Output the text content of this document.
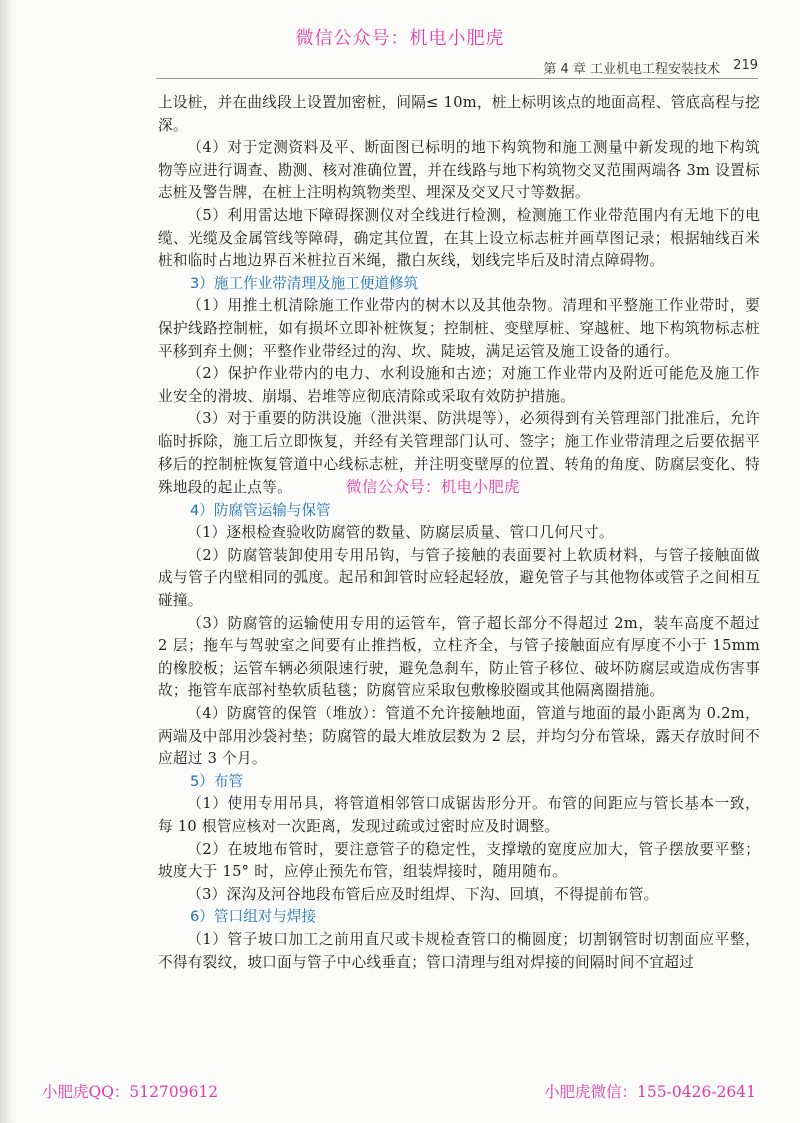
微信公众号：机电小肥虎
第 4 章 工业机电工程安装技术 219

上设桩，并在曲线段上设置加密桩，间隔≤ 10m，桩上标明该点的地面高程、管底高程与挖深。

（4）对于定测资料及平、断面图已标明的地下构筑物和施工测量中新发现的地下构筑物等应进行调查、勘测、核对准确位置，并在线路与地下构筑物交叉范围两端各 3m 设置标志桩及警告牌，在桩上注明构筑物类型、埋深及交叉尺寸等数据。

（5）利用雷达地下障碍探测仪对全线进行检测，检测施工作业带范围内有无地下的电缆、光缆及金属管线等障碍，确定其位置，在其上设立标志桩并画草图记录；根据轴线百米桩和临时占地边界百米桩拉百米绳，撒白灰线，划线完毕后及时清点障碍物。

3）施工作业带清理及施工便道修筑

（1）用推土机清除施工作业带内的树木以及其他杂物。清理和平整施工作业带时，要保护线路控制桩，如有损坏立即补桩恢复；控制桩、变壁厚桩、穿越桩、地下构筑物标志桩平移到弃土侧；平整作业带经过的沟、坎、陡坡，满足运管及施工设备的通行。

（2）保护作业带内的电力、水利设施和古迹；对施工作业带内及附近可能危及施工作业安全的滑坡、崩塌、岩堆等应彻底清除或采取有效防护措施。

（3）对于重要的防洪设施（泄洪渠、防洪堤等），必须得到有关管理部门批准后，允许临时拆除，施工后立即恢复，并经有关管理部门认可、签字；施工作业带清理之后要依据平移后的控制桩恢复管道中心线标志桩，并注明变壁厚的位置、转角的角度、防腐层变化、特殊地段的起止点等。	微信公众号：机电小肥虎

4）防腐管运输与保管

（1）逐根检查验收防腐管的数量、防腐层质量、管口几何尺寸。

（2）防腐管装卸使用专用吊钩，与管子接触的表面要衬上软质材料，与管子接触面做成与管子内壁相同的弧度。起吊和卸管时应轻起轻放，避免管子与其他物体或管子之间相互碰撞。

（3）防腐管的运输使用专用的运管车，管子超长部分不得超过 2m，装车高度不超过 2 层；拖车与驾驶室之间要有止推挡板，立柱齐全，与管子接触面应有厚度不小于 15mm 的橡胶板；运管车辆必须限速行驶，避免急刹车，防止管子移位、破坏防腐层或造成伤害事故；拖管车底部衬垫软质毡毯；防腐管应采取包敷橡胶圈或其他隔离圈措施。

（4）防腐管的保管（堆放）：管道不允许接触地面，管道与地面的最小距离为 0.2m，两端及中部用沙袋衬垫；防腐管的最大堆放层数为 2 层，并均匀分布管垛，露天存放时间不应超过 3 个月。

5）布管

（1）使用专用吊具，将管道相邻管口成锯齿形分开。布管的间距应与管长基本一致，每 10 根管应核对一次距离，发现过疏或过密时应及时调整。

（2）在坡地布管时，要注意管子的稳定性，支撑墩的宽度应加大，管子摆放要平整；坡度大于 15° 时，应停止预先布管，组装焊接时，随用随布。

（3）深沟及河谷地段布管后应及时组焊、下沟、回填，不得提前布管。

6）管口组对与焊接

（1）管子坡口加工之前用直尺或卡规检查管口的椭圆度；切割钢管时切割面应平整，不得有裂纹，坡口面与管子中心线垂直；管口清理与组对焊接的间隔时间不宜超过

小肥虎QQ：512709612	小肥虎微信：155-0426-2641
